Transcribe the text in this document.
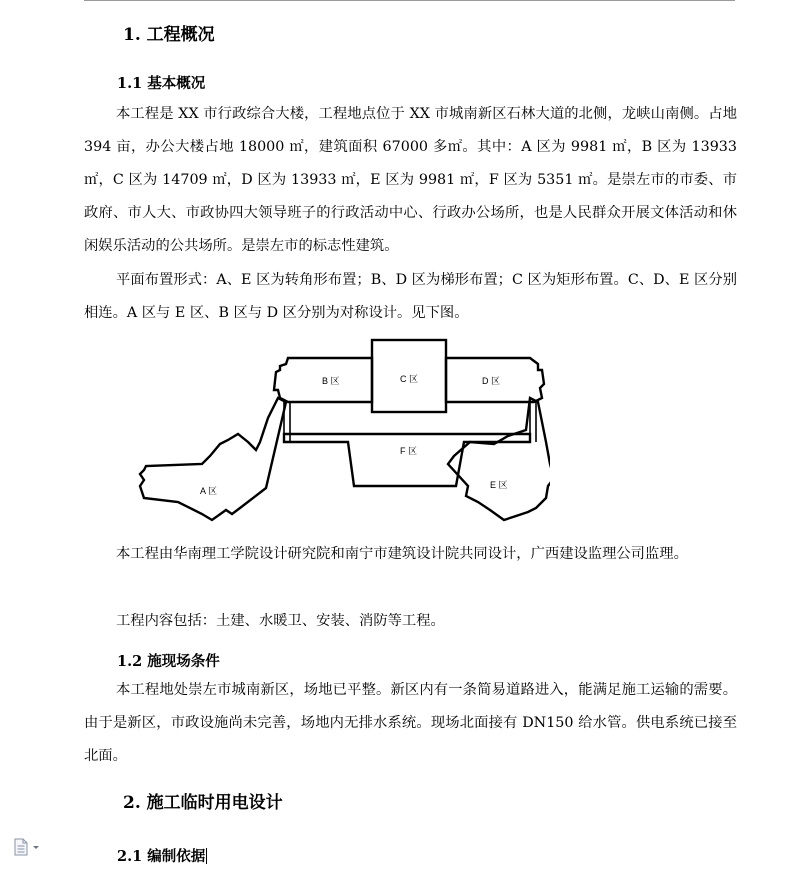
1. 工程概况
1.1 基本概况

本工程是 XX 市行政综合大楼，工程地点位于 XX 市城南新区石林大道的北侧，龙峡山南侧。占地 394 亩，办公大楼占地 18000 ㎡，建筑面积 67000 多㎡。其中：A 区为 9981 ㎡，B 区为 13933 ㎡，C 区为 14709 ㎡，D 区为 13933 ㎡，E 区为 9981 ㎡，F 区为 5351 ㎡。是崇左市的市委、市政府、市人大、市政协四大领导班子的行政活动中心、行政办公场所，也是人民群众开展文体活动和休闲娱乐活动的公共场所。是崇左市的标志性建筑。

平面布置形式：A、E 区为转角形布置；B、D 区为梯形布置；C 区为矩形布置。C、D、E 区分别相连。A 区与 E 区、B 区与 D 区分别为对称设计。见下图。

A 区
B 区	C 区	D 区
E 区
F 区

本工程由华南理工学院设计研究院和南宁市建筑设计院共同设计，广西建设监理公司监理。

工程内容包括：土建、水暖卫、安装、消防等工程。

1.2 施现场条件

本工程地处崇左市城南新区，场地已平整。新区内有一条简易道路进入，能满足施工运输的需要。由于是新区，市政设施尚未完善，场地内无排水系统。现场北面接有 DN150 给水管。供电系统已接至北面。

2. 施工临时用电设计
2.1 编制依据
